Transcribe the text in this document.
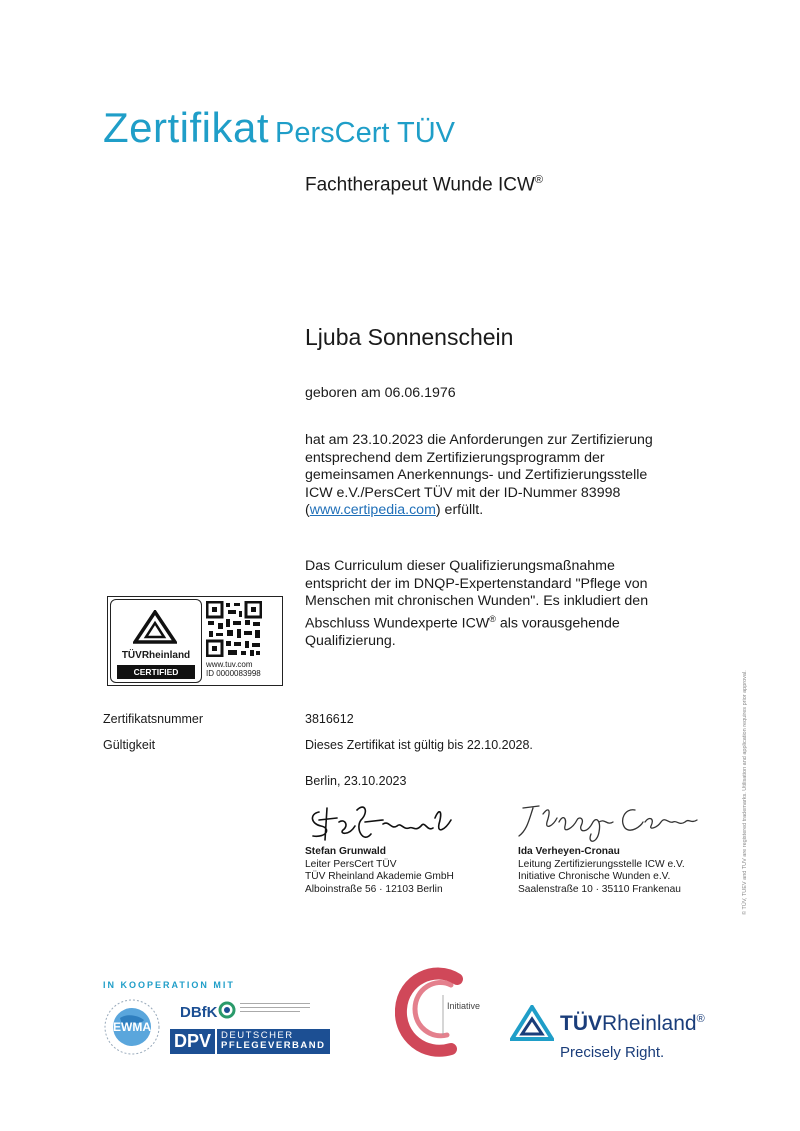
Zertifikat PersCert TÜV
Fachtherapeut Wunde ICW®
Ljuba Sonnenschein
geboren am 06.06.1976
hat am 23.10.2023 die Anforderungen zur Zertifizierung
entsprechend dem Zertifizierungsprogramm der
gemeinsamen Anerkennungs- und Zertifizierungsstelle
ICW e.V./PersCert TÜV mit der ID-Nummer 83998
(www.certipedia.com) erfüllt.
Das Curriculum dieser Qualifizierungsmaßnahme
entspricht der im DNQP-Expertenstandard "Pflege von
Menschen mit chronischen Wunden". Es inkludiert den
Abschluss Wundexperte ICW® als vorausgehende
Qualifizierung.
TÜVRheinland
CERTIFIED
www.tuv.com
ID 0000083998
Zertifikatsnummer	3816612
Gültigkeit	Dieses Zertifikat ist gültig bis 22.10.2028.
Berlin, 23.10.2023
Stefan Grunwald
Leiter PersCert TÜV
TÜV Rheinland Akademie GmbH
Alboinstraße 56 · 12103 Berlin
Ida Verheyen-Cronau
Leitung Zertifizierungsstelle ICW e.V.
Initiative Chronische Wunden e.V.
Saalenstraße 10 · 35110 Frankenau
IN KOOPERATION MIT
EWMA
DBfK
DPV	DEUTSCHER
PFLEGEVERBAND
Initiative
TÜVRheinland®
Precisely Right.
© TÜV, TUEV and TUV are registered trademarks. Utilisation and application requires prior approval.
